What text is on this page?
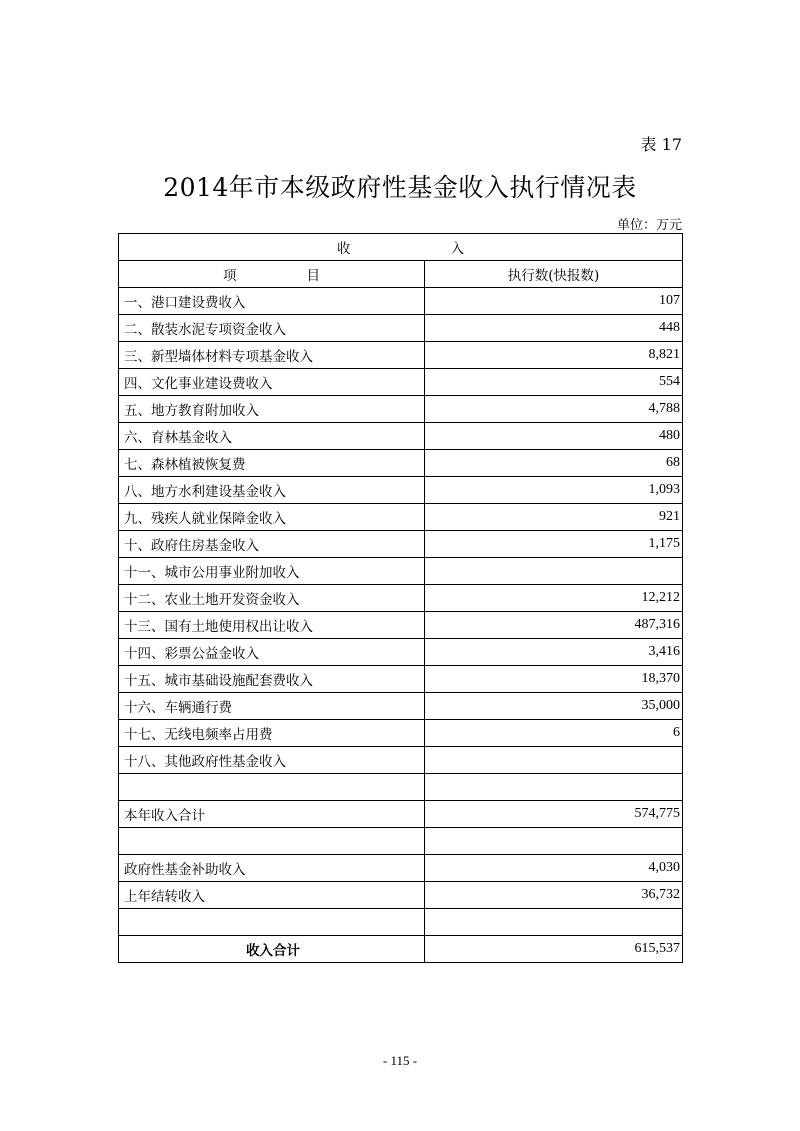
表 17
2014年市本级政府性基金收入执行情况表
单位：万元
收 入	
项 目	执行数(快报数)
一、港口建设费收入	107
二、散装水泥专项资金收入	448
三、新型墙体材料专项基金收入	8,821
四、文化事业建设费收入	554
五、地方教育附加收入	4,788
六、育林基金收入	480
七、森林植被恢复费	68
八、地方水利建设基金收入	1,093
九、残疾人就业保障金收入	921
十、政府住房基金收入	1,175
十一、城市公用事业附加收入	
十二、农业土地开发资金收入	12,212
十三、国有土地使用权出让收入	487,316
十四、彩票公益金收入	3,416
十五、城市基础设施配套费收入	18,370
十六、车辆通行费	35,000
十七、无线电频率占用费	6
十八、其他政府性基金收入	

本年收入合计	574,775

政府性基金补助收入	4,030
上年结转收入	36,732

收入合计	615,537
- 115 -
